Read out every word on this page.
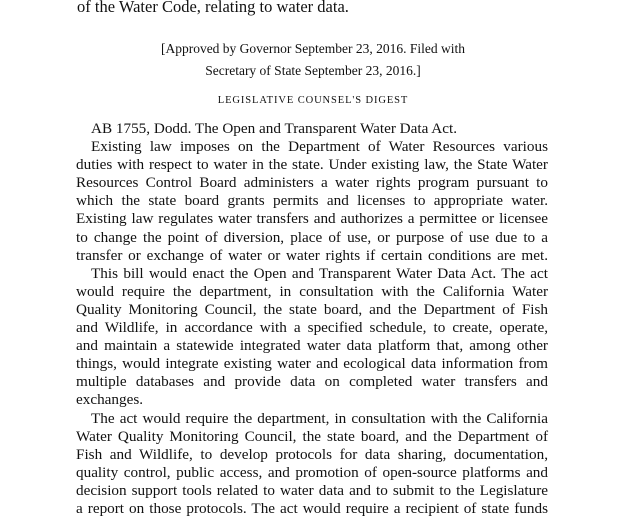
of the Water Code, relating to water data.
[Approved by Governor September 23, 2016. Filed with
Secretary of State September 23, 2016.]
LEGISLATIVE COUNSEL'S DIGEST
AB 1755, Dodd. The Open and Transparent Water Data Act.
Existing law imposes on the Department of Water Resources various
duties with respect to water in the state. Under existing law, the State Water
Resources Control Board administers a water rights program pursuant to
which the state board grants permits and licenses to appropriate water.
Existing law regulates water transfers and authorizes a permittee or licensee
to change the point of diversion, place of use, or purpose of use due to a
transfer or exchange of water or water rights if certain conditions are met.
This bill would enact the Open and Transparent Water Data Act. The act
would require the department, in consultation with the California Water
Quality Monitoring Council, the state board, and the Department of Fish
and Wildlife, in accordance with a specified schedule, to create, operate,
and maintain a statewide integrated water data platform that, among other
things, would integrate existing water and ecological data information from
multiple databases and provide data on completed water transfers and
exchanges.
The act would require the department, in consultation with the California
Water Quality Monitoring Council, the state board, and the Department of
Fish and Wildlife, to develop protocols for data sharing, documentation,
quality control, public access, and promotion of open-source platforms and
decision support tools related to water data and to submit to the Legislature
a report on those protocols. The act would require a recipient of state funds
